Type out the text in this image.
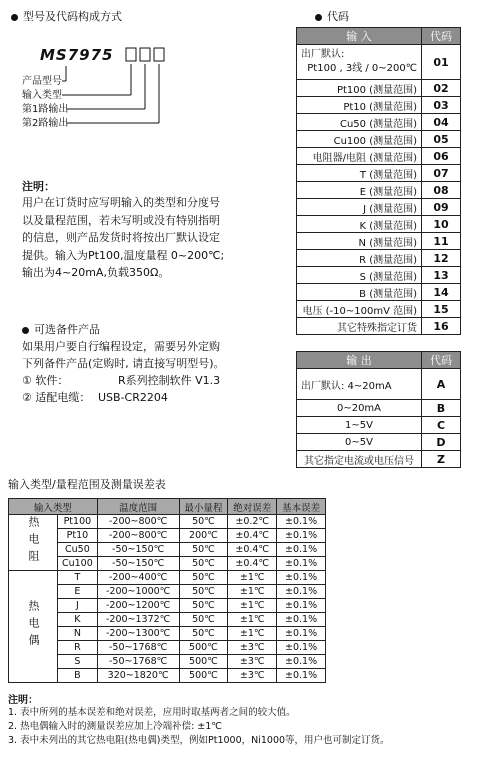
型号及代码构成方式
MS7975
产品型号
输入类型
第1路输出
第2路输出
注明：
用户在订货时应写明输入的类型和分度号
以及量程范围，若未写明或没有特别指明
的信息，则产品发货时将按出厂默认设定
提供。输入为Pt100,温度量程 0~200℃;
输出为4~20mA,负载350Ω。
可选备件产品
如果用户要自行编程设定，需要另外定购
下列备件产品(定购时, 请直接写明型号)。
① 软件：	R系列控制软件 V1.3
② 适配电缆： USB-CR2204
代码
输 入	代码

出厂默认:
Pt100 , 3线 / 0~200℃	01
Pt100 (测量范围)	02
Pt10 (测量范围)	03
Cu50 (测量范围)	04
Cu100 (测量范围)	05
电阻器/电阻 (测量范围)	06
T (测量范围)	07
E (测量范围)	08
J (测量范围)	09
K (测量范围)	10
N (测量范围)	11
R (测量范围)	12
S (测量范围)	13
B (测量范围)	14
电压 (-10~100mV 范围)	15
其它特殊指定订货	16
输 出	代码
出厂默认: 4~20mA	A
0~20mA	B
1~5V	C
0~5V	D
其它指定电流或电压信号	Z
输入类型/量程范围及测量误差表
输入类型		温度范围	最小量程	绝对误差	基本误差
热电阻	Pt100	-200~800℃	50℃	±0.2℃	±0.1%
	Pt10	-200~800℃	200℃	±0.4℃	±0.1%
	Cu50	-50~150℃	50℃	±0.4℃	±0.1%
	Cu100	-50~150℃	50℃	±0.4℃	±0.1%
热电偶	T	-200~400℃	50℃	±1℃	±0.1%
	E	-200~1000℃	50℃	±1℃	±0.1%
	J	-200~1200℃	50℃	±1℃	±0.1%
	K	-200~1372℃	50℃	±1℃	±0.1%
	N	-200~1300℃	50℃	±1℃	±0.1%
	R	-50~1768℃	500℃	±3℃	±0.1%
	S	-50~1768℃	500℃	±3℃	±0.1%
	B	320~1820℃	500℃	±3℃	±0.1%
注明：
1. 表中所列的基本误差和绝对误差，应用时取基两者之间的较大值。
2. 热电偶输入时的测量误差应加上冷端补偿: ±1℃
3. 表中未列出的其它热电阻(热电偶)类型，例如Pt1000，Ni1000等，用户也可制定订货。
